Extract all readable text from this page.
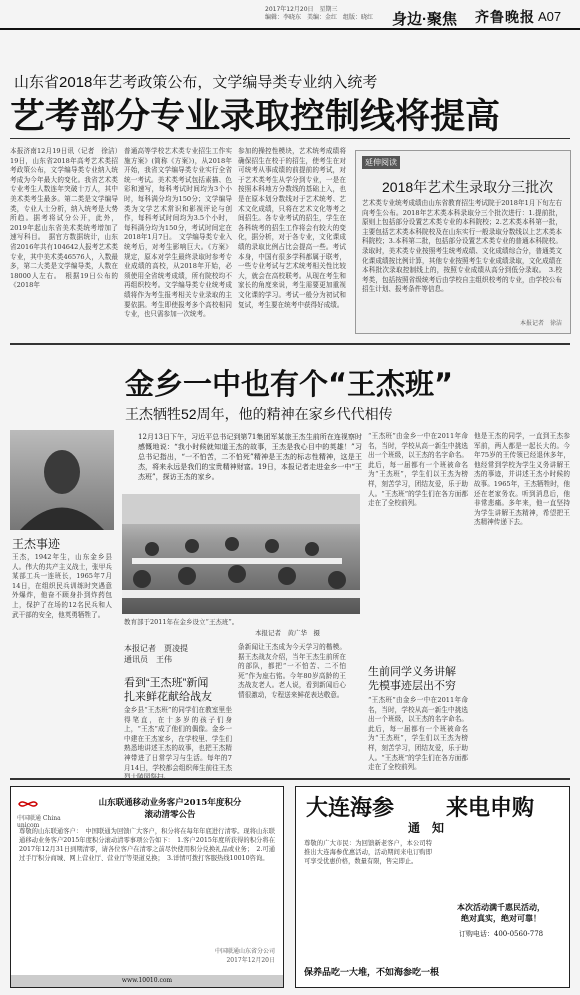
2017年12月20日　星期三
编辑：李晓东　美编：金红　组版：晓红 身边·聚焦 齐鲁晚报 A07
山东省2018年艺考政策公布，文学编导类专业纳入统考
艺考部分专业录取控制线将提高
本报济南12月19日讯（记者　徐洁）19日，山东省2018年高考艺术类招考政策公布，文学编导类专业纳入统考成为今年最大的变化。我省艺术类专业考生人数连年突破十万人，其中美术类考生最多。第二类是文学编导类，专业人士分析，纳入统考是大势所趋。据考将试分公开，此外，2019年起山东省美术类统考增加了速写科目。　据官方数据统计，山东省2016年共有104642人报考艺术类专业，其中美术类46576人，入数最多，第二大类是文学编导类，人数在18000人左右。　根据19日公布的《2018年
普通高等学校艺术类专业招生工作实施方案》(简称《方案》)，从2018年开始，我省文学编导类专业实行全省统一考试。美术类考试包括素描、色彩和速写，每科考试时间均为3个小时，每科满分均为150分；文学编导类为文学艺术常识和影视评论与创作，每科考试时间均为3.5个小时，每科满分均为150分，考试时间定在2018年1月7日。　文学编导类专业入统考后，对考生影响巨大。《方案》规定，原本对学生最终录取时参考专业成绩的高校，从2018年开始，必须使用全省统考成绩，所有院校均不再组织校考。文学编导类专业统考成绩将作为考生报考相关专业录取的主要依据。考生即使报考多个高校相同专业，也只需参加一次统考。
参加的操控性模块，艺术统考成绩将确保招生在校于的招生，使考生在对可统考从事成绩的前提前的考试，对于艺术类考生从学分到专业，一是在按照本科地方分数线的基础上入，也是在原本划分数线对于艺术统考、艺术文化成绩，只将在艺术文化等考之间招生。各专业考试的招生，学生在各科统考的招生工作将会有较大的变化，据分析，对于各专业，文化课成绩的录取比例占比会提高一些。考试本身，中国有很多学科都属于联考，一些专业考试与艺术统考相关性比较大，就会在高校联考。从现在考生和家长的角度来说，考生需要更加重视文化课的学习。考试一般分为初试和复试，考生要在统考中获得好成绩。
延伸阅读
2018年艺术生录取分三批次
艺术类专业统考成绩由山东省教育招生考试院于2018年1月下旬左右向考生公布。2018年艺术类本科录取分三个批次进行：1.提前批，原则上包括部分设置艺术类专业的本科院校；2.艺术类本科第一批，主要包括艺术类本科院校及在山东实行一般录取分数线以上艺术类本科院校；3.本科第二批，包括部分设置艺术类专业的普通本科院校。录取时，美术类专业按照考生统考成绩、文化成绩综合分，普通类文化课成绩按比例计算，其他专业按照考生专业成绩录取，文化成绩在本科批次录取控制线上的，按照专业成绩从高分到低分录取。　3.校考类，包括按照省级统考后由学校自主组织校考的专业，由学校公布招生计划、报考条件等信息。
本报记者　徐洁
金乡一中也有个“王杰班”
王杰牺牲52周年，他的精神在家乡代代相传
王杰事迹
王杰，1942年生，山东金乡县人。伟大的共产主义战士，张甲兵某部工兵一连班长，1965年7月14日，在组织民兵训练时突遇意外爆炸，他奋不顾身扑到炸药包上，保护了在场的12名民兵和人武干部的安全，他英勇牺牲了。
12月13日下午，习近平总书记到第71集团军某旅王杰生前所在连视察时感慨地说：“我小时候就知道王杰的故事，王杰是我心目中的英雄！”习总书记指出，“一不怕苦，二不怕死”精神是王杰的标志性精神，这是王杰，将来永远是我们的宝贵精神财富。19日，本报记者走进金乡一中“王杰班”，探访王杰的家乡。
教育部于2011年在金乡设立“王杰班”。
本报记者　黄广华　摄
本报记者　贾凌提
通讯员　王伟
看到“王杰班”新闻
扎来鲜花献给战友
金乡县“王杰班”的同学们在教室里坐得笔直，在十多岁的孩子们身上，“王杰”成了他们的偶像。金乡一中建在王杰家乡，在学校里、学生们熟悉地讲述王杰的故事，也把王杰精神带进了日常学习与生活。每年的7月14日，学校都会组织师生前往王杰
条新闻让王杰成为今天学习的楷模。据王杰战友介绍，当年王杰生前所在的部队，都把“一不怕苦、二不怕死”作为座右铭。今年80岁高龄的王杰战友老人。老人说，看到新闻后心情很激动，专程送来鲜花表达敬意。
“王杰班”由金乡一中在2011年命名，当时，学校从高一新生中挑选出一个班级，以王杰的名字命名。此后，每一届都有一个班被命名为“王杰班”，学生们以王杰为榜样，刻苦学习，团结友爱，乐于助人。“王杰班”的学生们在各方面都走在了全校前列。
生前同学义务讲解
先模事迹层出不穷
“王杰班”由金乡一中在2011年命名，当时，学校从高一新生中挑选出一个班级，以王杰的名字命名。此后，每一届都有一个班被命名为“王杰班”，学生们以王杰为榜样，刻苦学习，团结友爱，乐于助人。“王杰班”的学生们在各方面都走在了全校前列。
他是王杰的同学，一直到王杰参军前，两人都是一起长大的。今年75岁的王传领已经退休多年，他经常到学校为学生义务讲解王杰的事迹，并讲述王杰小时候的故事。1965年，王杰牺牲时，他还在老家务农。听到消息后，他非常悲痛。多年来，他一直坚持为学生讲解王杰精神，希望把王杰精神传递下去。
中国联通 China unicom
山东联通移动业务客户2015年度积分
滚动清零公告
尊敬的山东联通客户：　中国联通为回馈广大客户，积分将在每年年底进行清零。现将山东联通移动业务客户2015年度积分滚动清零事项公告如下：　1.客户2015年度所获得的积分将在2017年12月31日到期清零，请各位客户在清零之前尽快使用积分兑换礼品或业务；　2.可通过手厅积分商城、网上营业厅、营业厅等渠道兑换；　3.详情可拨打客服热线10010咨询。
中国联通山东省分公司
2017年12月20日
www.10010.com
大连海参 来电申购
通　知
尊敬的广大市民：为回馈新老客户，本公司特推出大连海参优惠活动，活动期间来电订购即可享受优惠价格，数量有限，售完即止。
本次活动满千惠民活动，
绝对真实，绝对可靠！
订购电话：400-0560-778
保养品吃一大堆，不如海参吃一根
